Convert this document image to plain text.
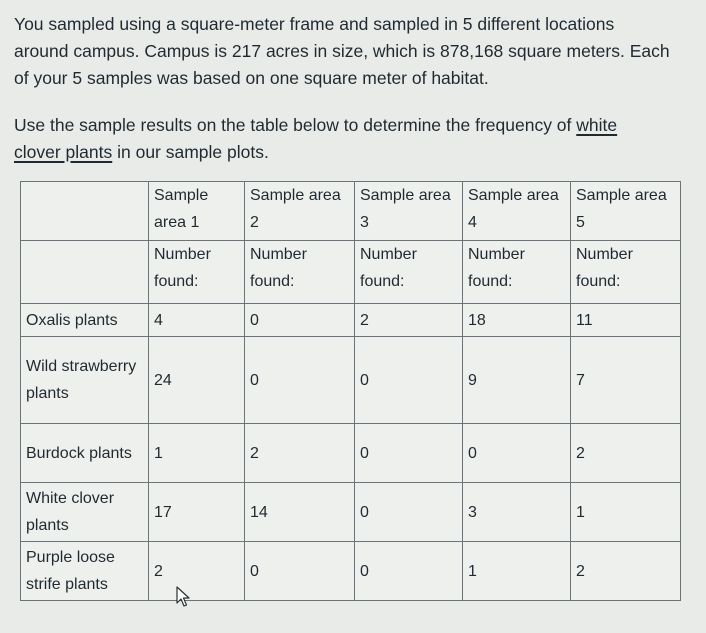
You sampled using a square-meter frame and sampled in 5 different locations
around campus. Campus is 217 acres in size, which is 878,168 square meters. Each
of your 5 samples was based on one square meter of habitat.

Use the sample results on the table below to determine the frequency of white
clover plants in our sample plots.

	Sample area 1	Sample area 2	Sample area 3	Sample area 4	Sample area 5
	Number found:	Number found:	Number found:	Number found:	Number found:
Oxalis plants	4	0	2	18	11
Wild strawberry plants	24	0	0	9	7
Burdock plants	1	2	0	0	2
White clover plants	17	14	0	3	1
Purple loose strife plants	2	0	0	1	2
